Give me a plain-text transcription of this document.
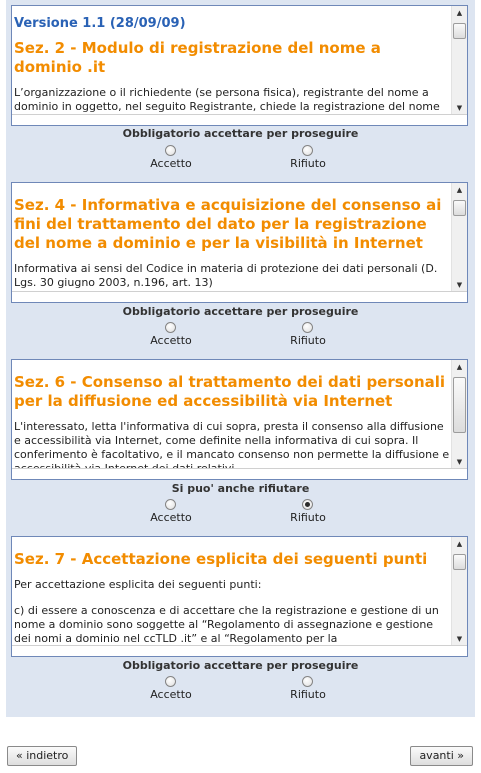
Versione 1.1 (28/09/09)
Sez. 2 - Modulo di registrazione del nome a dominio .it
L’organizzazione o il richiedente (se persona fisica), registrante del nome a dominio in oggetto, nel seguito Registrante, chiede la registrazione del nome
▲
▼
Obbligatorio accettare per proseguire
Accetto	Rifiuto
Sez. 4 - Informativa e acquisizione del consenso ai fini del trattamento del dato per la registrazione del nome a dominio e per la visibilità in Internet
Informativa ai sensi del Codice in materia di protezione dei dati personali (D. Lgs. 30 giugno 2003, n.196, art. 13)
▲
▼
Obbligatorio accettare per proseguire
Accetto	Rifiuto
Sez. 6 - Consenso al trattamento dei dati personali per la diffusione ed accessibilità via Internet
L'interessato, letta l'informativa di cui sopra, presta il consenso alla diffusione e accessibilità via Internet, come definite nella informativa di cui sopra. Il conferimento è facoltativo, e il mancato consenso non permette la diffusione e
▲
▼
Si puo' anche rifiutare
Accetto	Rifiuto
Sez. 7 - Accettazione esplicita dei seguenti punti
Per accettazione esplicita dei seguenti punti:
c) di essere a conoscenza e di accettare che la registrazione e gestione di un nome a dominio sono soggette al “Regolamento di assegnazione e gestione dei nomi a dominio nel ccTLD .it” e al “Regolamento per la
▲
▼
Obbligatorio accettare per proseguire
Accetto	Rifiuto
« indietro	avanti »
